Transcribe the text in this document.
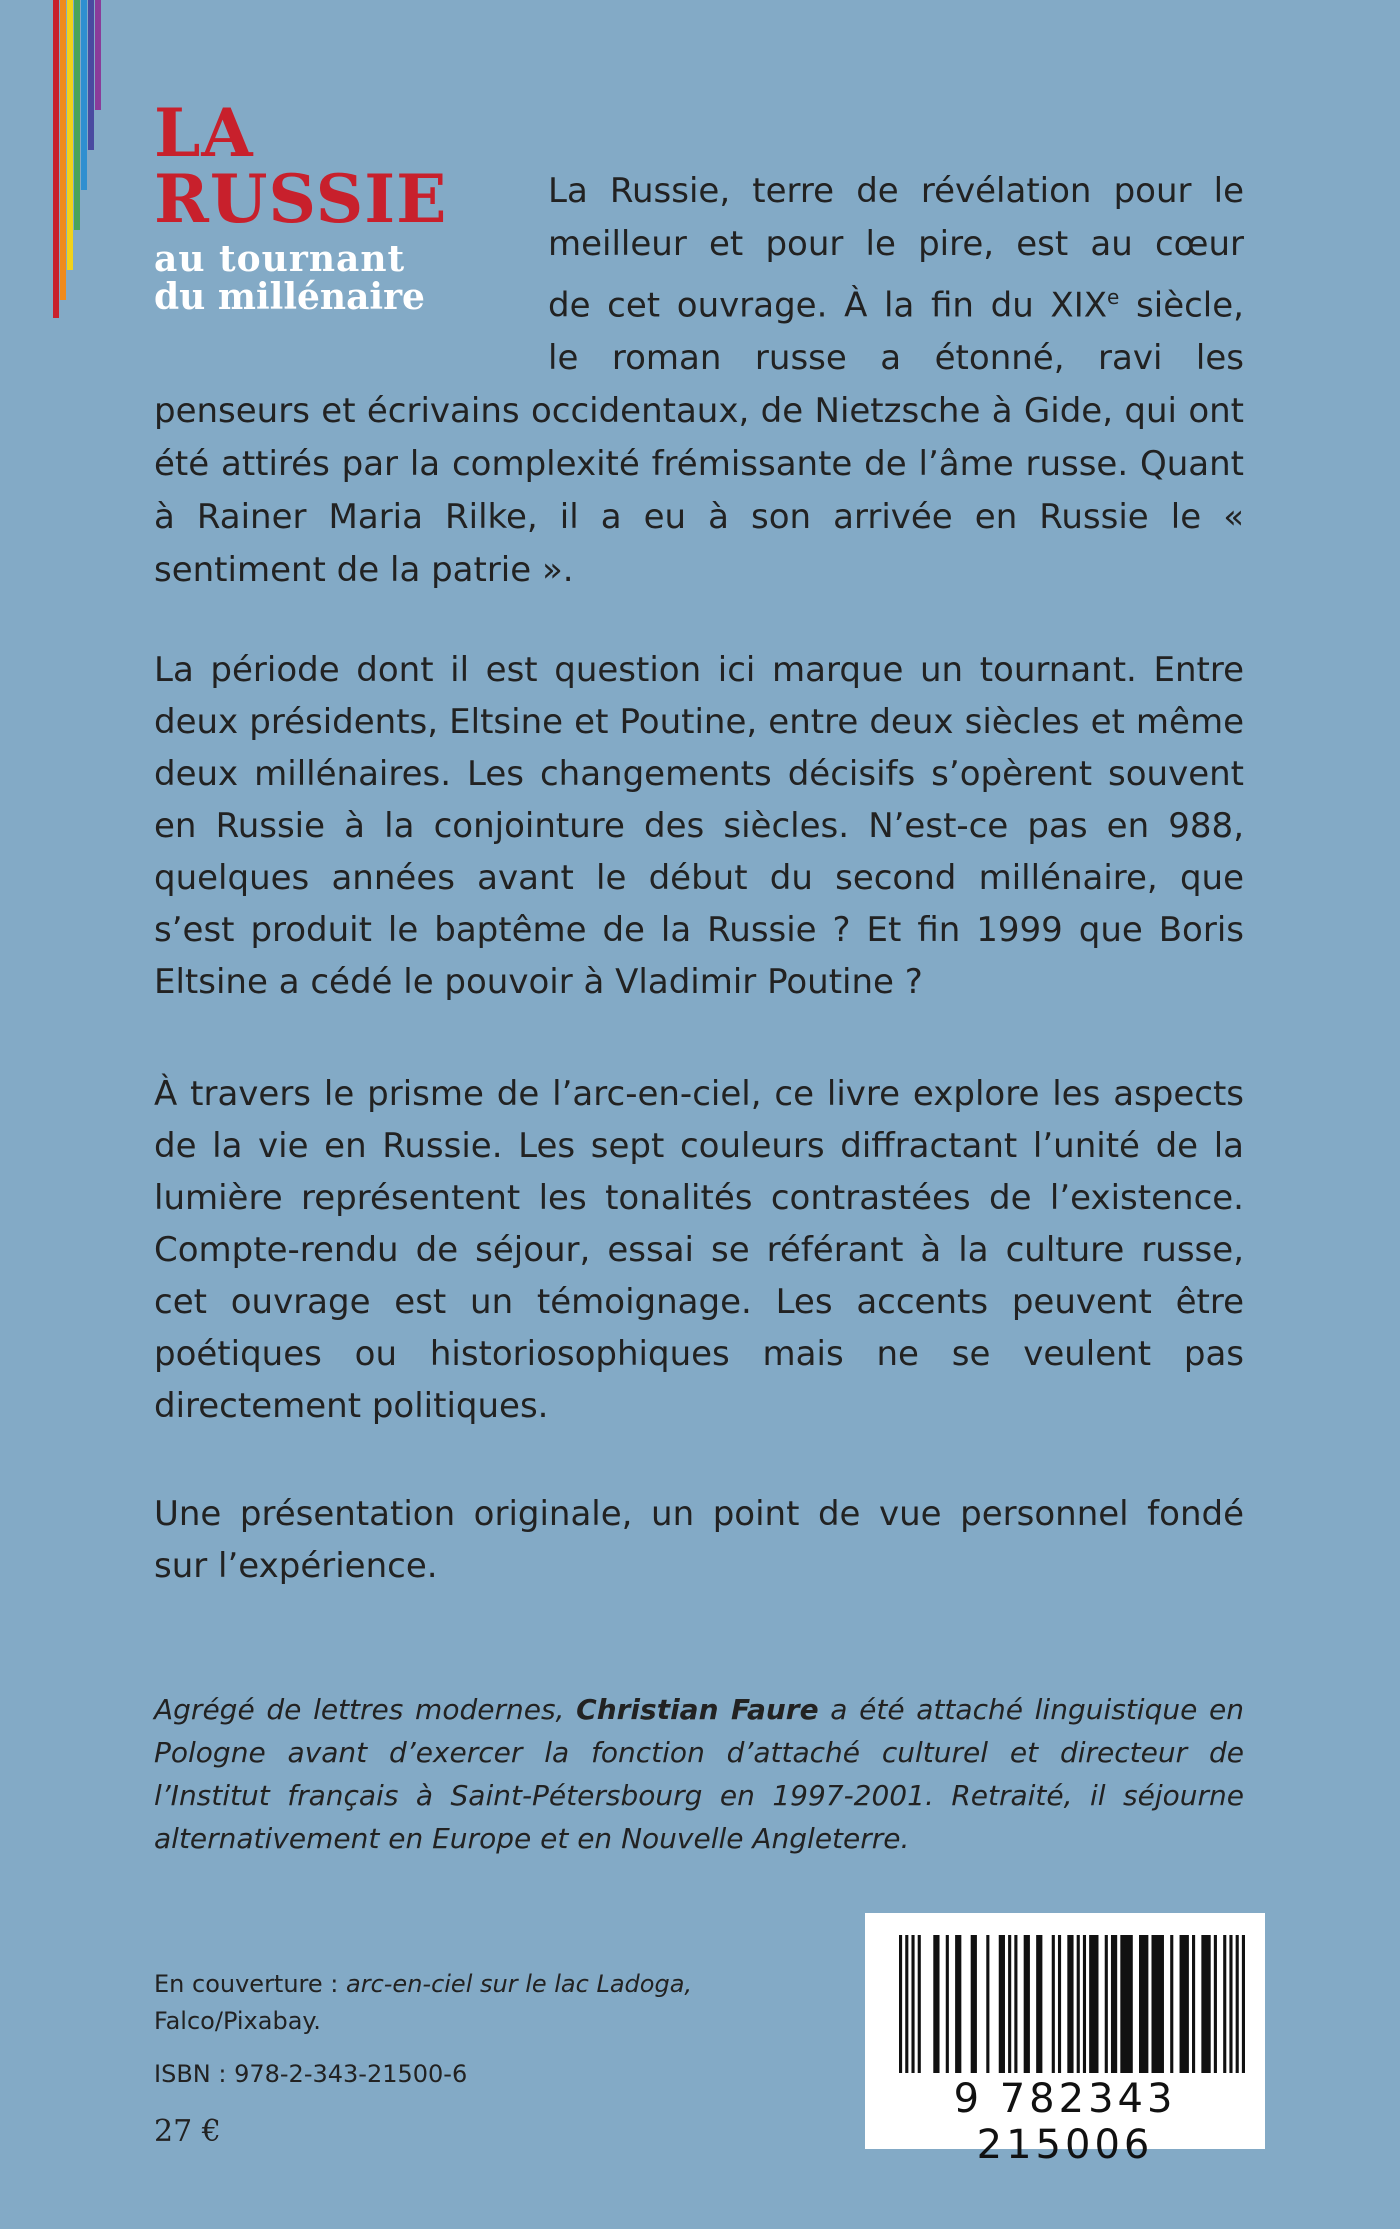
LA

RUSSIE

au tournant

du millénaire

La Russie, terre de révélation pour le
meilleur et pour le pire, est au cœur
de cet ouvrage. À la fin du XIXe siècle,
le roman russe a étonné, ravi les
penseurs et écrivains occidentaux, de Nietzsche à Gide, qui ont été attirés par la complexité frémissante de l’âme russe. Quant à Rainer Maria Rilke, il a eu à son arrivée en Russie le « sentiment de la patrie ».

La période dont il est question ici marque un tournant. Entre deux présidents, Eltsine et Poutine, entre deux siècles et même deux millénaires. Les changements décisifs s’opèrent souvent en Russie à la conjointure des siècles. N’est-ce pas en 988, quelques années avant le début du second millénaire, que s’est produit le baptême de la Russie ? Et fin 1999 que Boris Eltsine a cédé le pouvoir à Vladimir Poutine ?

À travers le prisme de l’arc-en-ciel, ce livre explore les aspects de la vie en Russie. Les sept couleurs diffractant l’unité de la lumière représentent les tonalités contrastées de l’existence. Compte-rendu de séjour, essai se référant à la culture russe, cet ouvrage est un témoignage. Les accents peuvent être poétiques ou historiosophiques mais ne se veulent pas directement politiques.

Une présentation originale, un point de vue personnel fondé sur l’expérience.

Agrégé de lettres modernes, Christian Faure a été attaché linguistique en Pologne avant d’exercer la fonction d’attaché culturel et directeur de l’Institut français à Saint-Pétersbourg en 1997-2001. Retraité, il séjourne alternativement en Europe et en Nouvelle Angleterre.

En couverture : arc-en-ciel sur le lac Ladoga,
Falco/Pixabay.

ISBN : 978-2-343-21500-6

27 €

9 782343 215006
